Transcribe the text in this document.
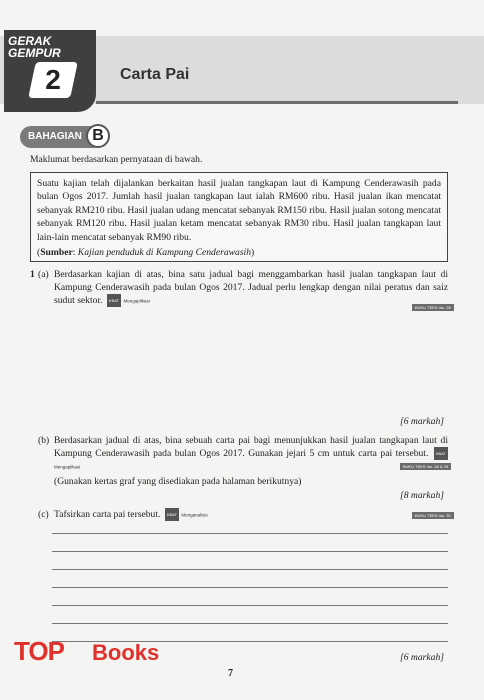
GERAK
GEMPUR
2	Carta Pai
BAHAGIAN B
Maklumat berdasarkan pernyataan di bawah.

Suatu kajian telah dijalankan berkaitan hasil jualan tangkapan laut di Kampung Cenderawasih pada bulan Ogos 2017. Jumlah hasil jualan tangkapan laut ialah RM600 ribu. Hasil jualan ikan mencatat sebanyak RM210 ribu. Hasil jualan udang mencatat sebanyak RM150 ribu. Hasil jualan sotong mencatat sebanyak RM120 ribu. Hasil jualan ketam mencatat sebanyak RM30 ribu. Hasil jualan tangkapan laut lain-lain mencatat sebanyak RM90 ribu.

(Sumber: Kajian penduduk di Kampung Cenderawasih)

1 (a) Berdasarkan kajian di atas, bina satu jadual bagi menggambarkan hasil jualan tangkapan laut di Kampung Cenderawasih pada bulan Ogos 2017. Jadual perlu lengkap dengan nilai peratus dan saiz sudut sektor. KBAT Mengaplikasi
BUKU TEKS ms. 28
[6 markah]
(b) Berdasarkan jadual di atas, bina sebuah carta pai bagi menunjukkan hasil jualan tangkapan laut di Kampung Cenderawasih pada bulan Ogos 2017. Gunakan jejari 5 cm untuk carta pai tersebut. KBAT Mengaplikasi	BUKU TEKS ms. 28 & 29
(Gunakan kertas graf yang disediakan pada halaman berikutnya)
[8 markah]
(c) Tafsirkan carta pai tersebut. KBAT Menganalisis	BUKU TEKS ms. 30
[6 markah]
TOP Books
7
